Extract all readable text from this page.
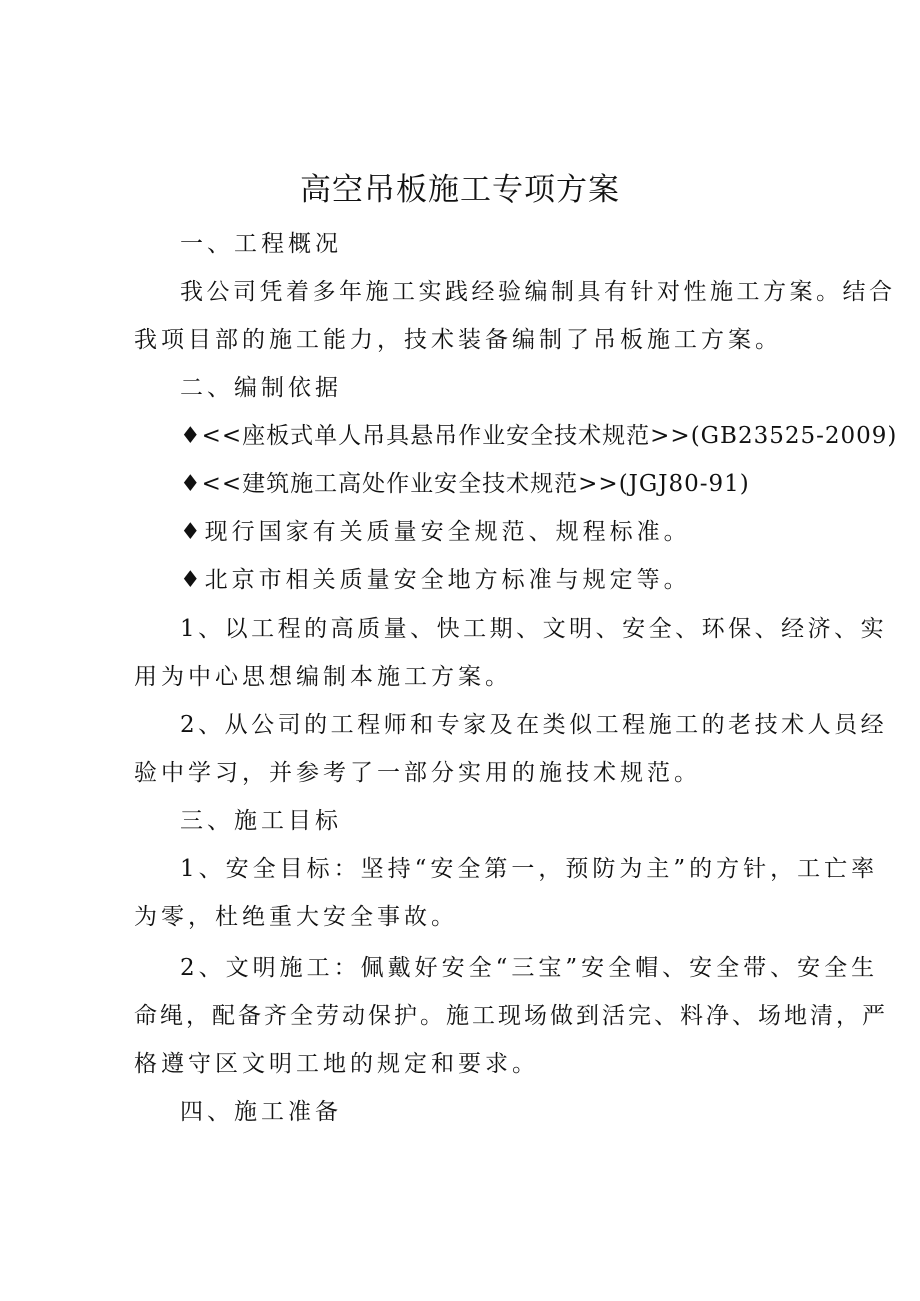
高空吊板施工专项方案
一、工程概况
我公司凭着多年施工实践经验编制具有针对性施工方案。结合
我项目部的施工能力，技术装备编制了吊板施工方案。
二、编制依据
♦<<座板式单人吊具悬吊作业安全技术规范>>(GB23525-2009)
♦<<建筑施工高处作业安全技术规范>>(JGJ80-91)
♦现行国家有关质量安全规范、规程标准。
♦北京市相关质量安全地方标准与规定等。
1、以工程的高质量、快工期、文明、安全、环保、经济、实
用为中心思想编制本施工方案。
2、从公司的工程师和专家及在类似工程施工的老技术人员经
验中学习，并参考了一部分实用的施技术规范。
三、施工目标
1、安全目标：坚持“安全第一，预防为主”的方针，工亡率
为零，杜绝重大安全事故。
2、文明施工：佩戴好安全“三宝”安全帽、安全带、安全生
命绳，配备齐全劳动保护。施工现场做到活完、料净、场地清，严
格遵守区文明工地的规定和要求。
四、施工准备
